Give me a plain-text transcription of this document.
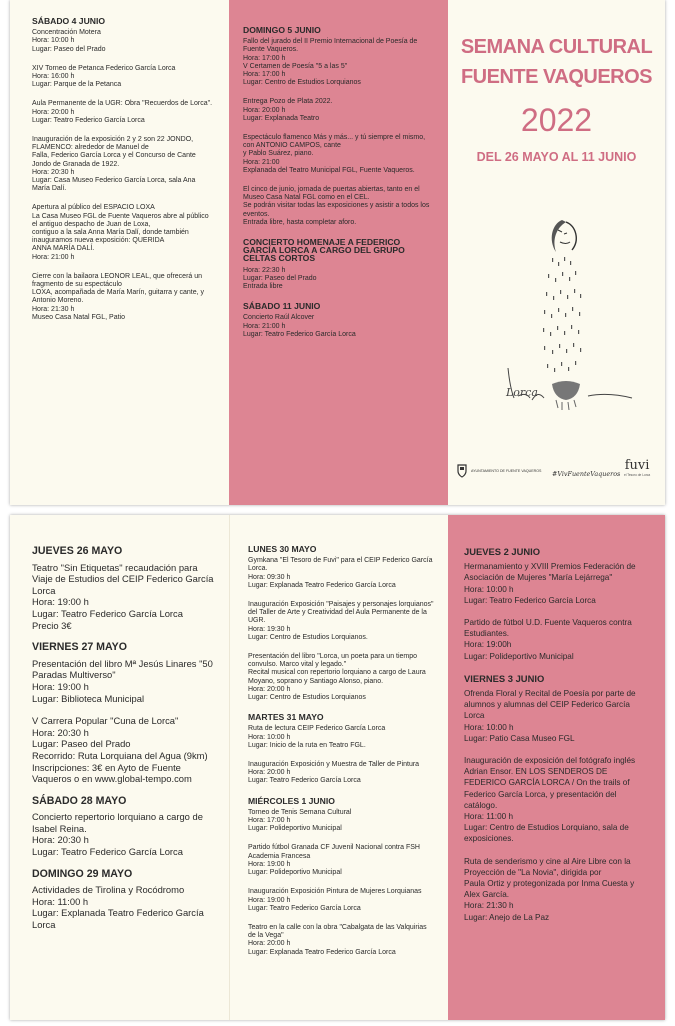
SÁBADO 4 JUNIO
Concentración Motera
Hora: 10:00 h
Lugar: Paseo del Prado
XIV Torneo de Petanca Federico García Lorca
Hora: 16:00 h
Lugar: Parque de la Petanca
Aula Permanente de la UGR: Obra "Recuerdos de Lorca".
Hora: 20:00 h
Lugar: Teatro Federico García Lorca
Inauguración de la exposición 2 y 2 son 22 JONDO, FLAMENCO: alrededor de Manuel de
Falla, Federico García Lorca y el Concurso de Cante Jondo de Granada de 1922.
Hora: 20:30 h
Lugar: Casa Museo Federico García Lorca, sala Ana María Dalí.
Apertura al público del ESPACIO LOXA
La Casa Museo FGL de Fuente Vaqueros abre al público el antiguo despacho de Juan de Loxa,
contiguo a la sala Anna María Dalí, donde también inauguramos nueva exposición: QUERIDA
ANNA MARÍA DALÍ.
Hora: 21:00 h
Cierre con la bailaora LEONOR LEAL, que ofrecerá un fragmento de su espectáculo
LOXA, acompañada de María Marín, guitarra y cante, y Antonio Moreno.
Hora: 21:30 h
Museo Casa Natal FGL, Patio
DOMINGO 5 JUNIO
Fallo del jurado del II Premio Internacional de Poesía de Fuente Vaqueros.
Hora: 17:00 h
V Certamen de Poesía "5 a las 5"
Hora: 17:00 h
Lugar: Centro de Estudios Lorquianos
Entrega Pozo de Plata 2022.
Hora: 20:00 h
Lugar: Explanada Teatro
Espectáculo flamenco Más y más... y tú siempre el mismo, con ANTONIO CAMPOS, cante
y Pablo Suárez, piano.
Hora: 21:00
Explanada del Teatro Municipal FGL, Fuente Vaqueros.
El cinco de junio, jornada de puertas abiertas, tanto en el Museo Casa Natal FGL como en el CEL.
Se podrán visitar todas las exposiciones y asistir a todos los eventos.
Entrada libre, hasta completar aforo.
CONCIERTO HOMENAJE A FEDERICO GARCÍA LORCA A CARGO DEL GRUPO CELTAS CORTOS
Hora: 22:30 h
Lugar: Paseo del Prado
Entrada libre
SÁBADO 11 JUNIO
Concierto Raúl Alcover
Hora: 21:00 h
Lugar: Teatro Federico García Lorca
SEMANA CULTURAL
FUENTE VAQUEROS
2022
DEL 26 MAYO AL 11 JUNIO
Lorca
AYUNTAMIENTO DE FUENTE VAQUEROS #VivFuenteVaqueros
fuvi
el Tesoro de Lorca
JUEVES 26 MAYO
Teatro "Sin Etiquetas" recaudación para Viaje de Estudios del CEIP Federico García Lorca
Hora: 19:00 h
Lugar: Teatro Federico García Lorca
Precio 3€
VIERNES 27 MAYO
Presentación del libro Mª Jesús Linares "50 Paradas Multiverso"
Hora: 19:00 h
Lugar: Biblioteca Municipal
V Carrera Popular "Cuna de Lorca"
Hora: 20:30 h
Lugar: Paseo del Prado
Recorrido: Ruta Lorquiana del Agua (9km)
Inscripciones: 3€ en Ayto de Fuente Vaqueros o en www.global-tempo.com
SÁBADO 28 MAYO
Concierto repertorio lorquiano a cargo de Isabel Reina.
Hora: 20:30 h
Lugar: Teatro Federico García Lorca
DOMINGO 29 MAYO
Actividades de Tirolina y Rocódromo
Hora: 11:00 h
Lugar: Explanada Teatro Federico García Lorca
LUNES 30 MAYO
Gymkana "El Tesoro de Fuvi" para el CEIP Federico García Lorca.
Hora: 09:30 h
Lugar: Explanada Teatro Federico García Lorca
Inauguración Exposición "Paisajes y personajes lorquianos" del Taller de Arte y Creatividad del Aula Permanente de la UGR.
Hora: 19:30 h
Lugar: Centro de Estudios Lorquianos.
Presentación del libro "Lorca, un poeta para un tiempo convulso. Marco vital y legado."
Recital musical con repertorio lorquiano a cargo de Laura Moyano, soprano y Santiago Alonso, piano.
Hora: 20:00 h
Lugar: Centro de Estudios Lorquianos
MARTES 31 MAYO
Ruta de lectura CEIP Federico García Lorca
Hora: 10:00 h
Lugar: Inicio de la ruta en Teatro FGL.
Inauguración Exposición y Muestra de Taller de Pintura
Hora: 20:00 h
Lugar: Teatro Federico García Lorca
MIÉRCOLES 1 JUNIO
Torneo de Tenis Semana Cultural
Hora: 17:00 h
Lugar: Polideportivo Municipal
Partido fútbol Granada CF Juvenil Nacional contra FSH Academia Francesa
Hora: 19:00 h
Lugar: Polideportivo Municipal
Inauguración Exposición Pintura de Mujeres Lorquianas
Hora: 19:00 h
Lugar: Teatro Federico García Lorca
Teatro en la calle con la obra "Cabalgata de las Valquirias de la Vega"
Hora: 20:00 h
Lugar: Explanada Teatro Federico García Lorca
JUEVES 2 JUNIO
Hermanamiento y XVIII Premios Federación de Asociación de Mujeres "María Lejárrega"
Hora: 10:00 h
Lugar: Teatro Federico García Lorca
Partido de fútbol U.D. Fuente Vaqueros contra Estudiantes.
Hora: 19:00h
Lugar: Polideportivo Municipal
VIERNES 3 JUNIO
Ofrenda Floral y Recital de Poesía por parte de alumnos y alumnas del CEIP Federico García Lorca
Hora: 10:00 h
Lugar: Patio Casa Museo FGL
Inauguración de exposición del fotógrafo inglés Adrian Ensor. EN LOS SENDEROS DE
FEDERICO GARCÍA LORCA / On the trails of Federico García Lorca, y presentación del catálogo.
Hora: 11:00 h
Lugar: Centro de Estudios Lorquiano, sala de exposiciones.
Ruta de senderismo y cine al Aire Libre con la Proyección de "La Novia", dirigida por
Paula Ortiz y protegonizada por Inma Cuesta y Alex García.
Hora: 21:30 h
Lugar: Anejo de La Paz
